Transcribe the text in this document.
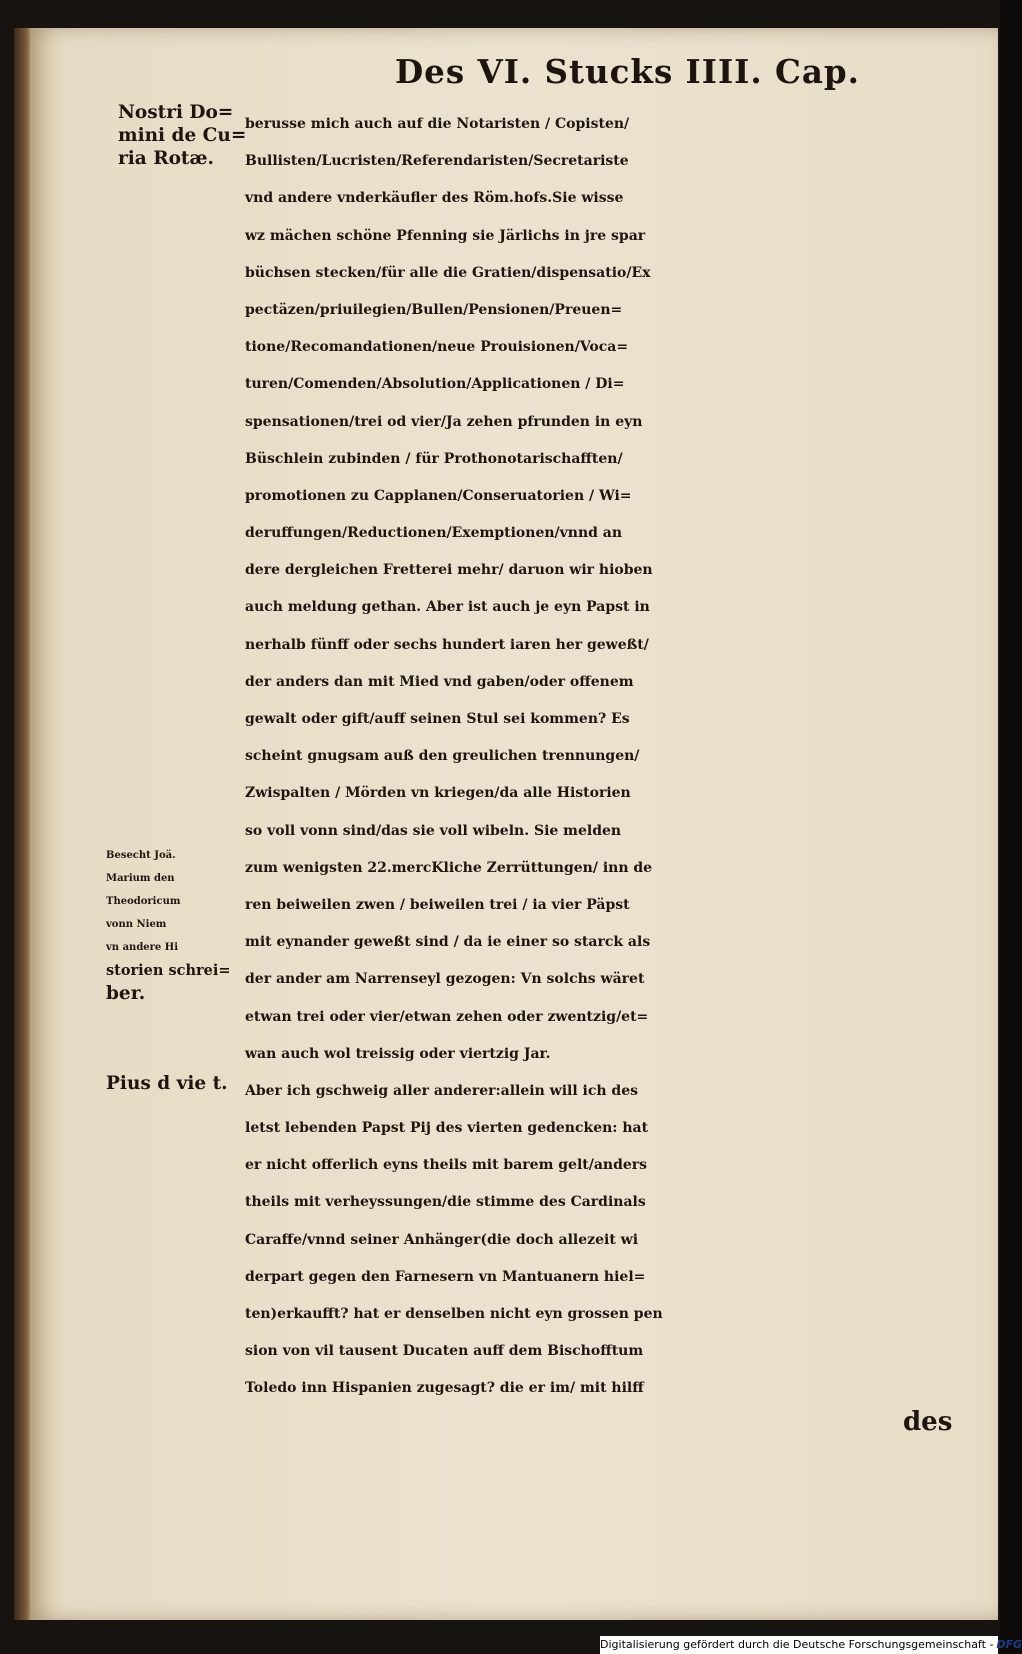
Des VI. Stucks IIII. Cap.
Nostri Do=
mini de Cu=
ria Rotæ.
Besecht Joä.
Marium den
Theodoricum
vonn Niem
vn andere Hi
storien schrei=
ber.
Pius d vie t.
berusse mich auch auf die Notaristen / Copisten/
Bullisten/Lucristen/Referendaristen/Secretariste
vnd andere vnderkäufler des Röm.hofs.Sie wisse
wz mächen schöne Pfenning sie Järlichs in jre spar
büchsen stecken/für alle die Gratien/dispensatio/Ex
pectäzen/priuilegien/Bullen/Pensionen/Preuen=
tione/Recomandationen/neue Prouisionen/Voca=
turen/Comenden/Absolution/Applicationen / Di=
spensationen/trei od vier/Ja zehen pfrunden in eyn
Büschlein zubinden / für Prothonotarischafften/
promotionen zu Capplanen/Conseruatorien / Wi=
deruffungen/Reductionen/Exemptionen/vnnd an
dere dergleichen Fretterei mehr/ daruon wir hioben
auch meldung gethan. Aber ist auch je eyn Papst in
nerhalb fünff oder sechs hundert iaren her geweßt/
der anders dan mit Mied vnd gaben/oder offenem
gewalt oder gift/auff seinen Stul sei kommen? Es
scheint gnugsam auß den greulichen trennungen/
Zwispalten / Mörden vn kriegen/da alle Historien
so voll vonn sind/das sie voll wibeln. Sie melden
zum wenigsten 22.mercKliche Zerrüttungen/ inn de
ren beiweilen zwen / beiweilen trei / ia vier Päpst
mit eynander geweßt sind / da ie einer so starck als
der ander am Narrenseyl gezogen: Vn solchs wäret
etwan trei oder vier/etwan zehen oder zwentzig/et=
wan auch wol treissig oder viertzig Jar.
Aber ich gschweig aller anderer:allein will ich des
letst lebenden Papst Pij des vierten gedencken: hat
er nicht offerlich eyns theils mit barem gelt/anders
theils mit verheyssungen/die stimme des Cardinals
Caraffe/vnnd seiner Anhänger(die doch allezeit wi
derpart gegen den Farnesern vn Mantuanern hiel=
ten)erkaufft? hat er denselben nicht eyn grossen pen
sion von vil tausent Ducaten auff dem Bischofftum
Toledo inn Hispanien zugesagt? die er im/ mit hilff
des
Digitalisierung gefördert durch die Deutsche Forschungsgemeinschaft - DFG
